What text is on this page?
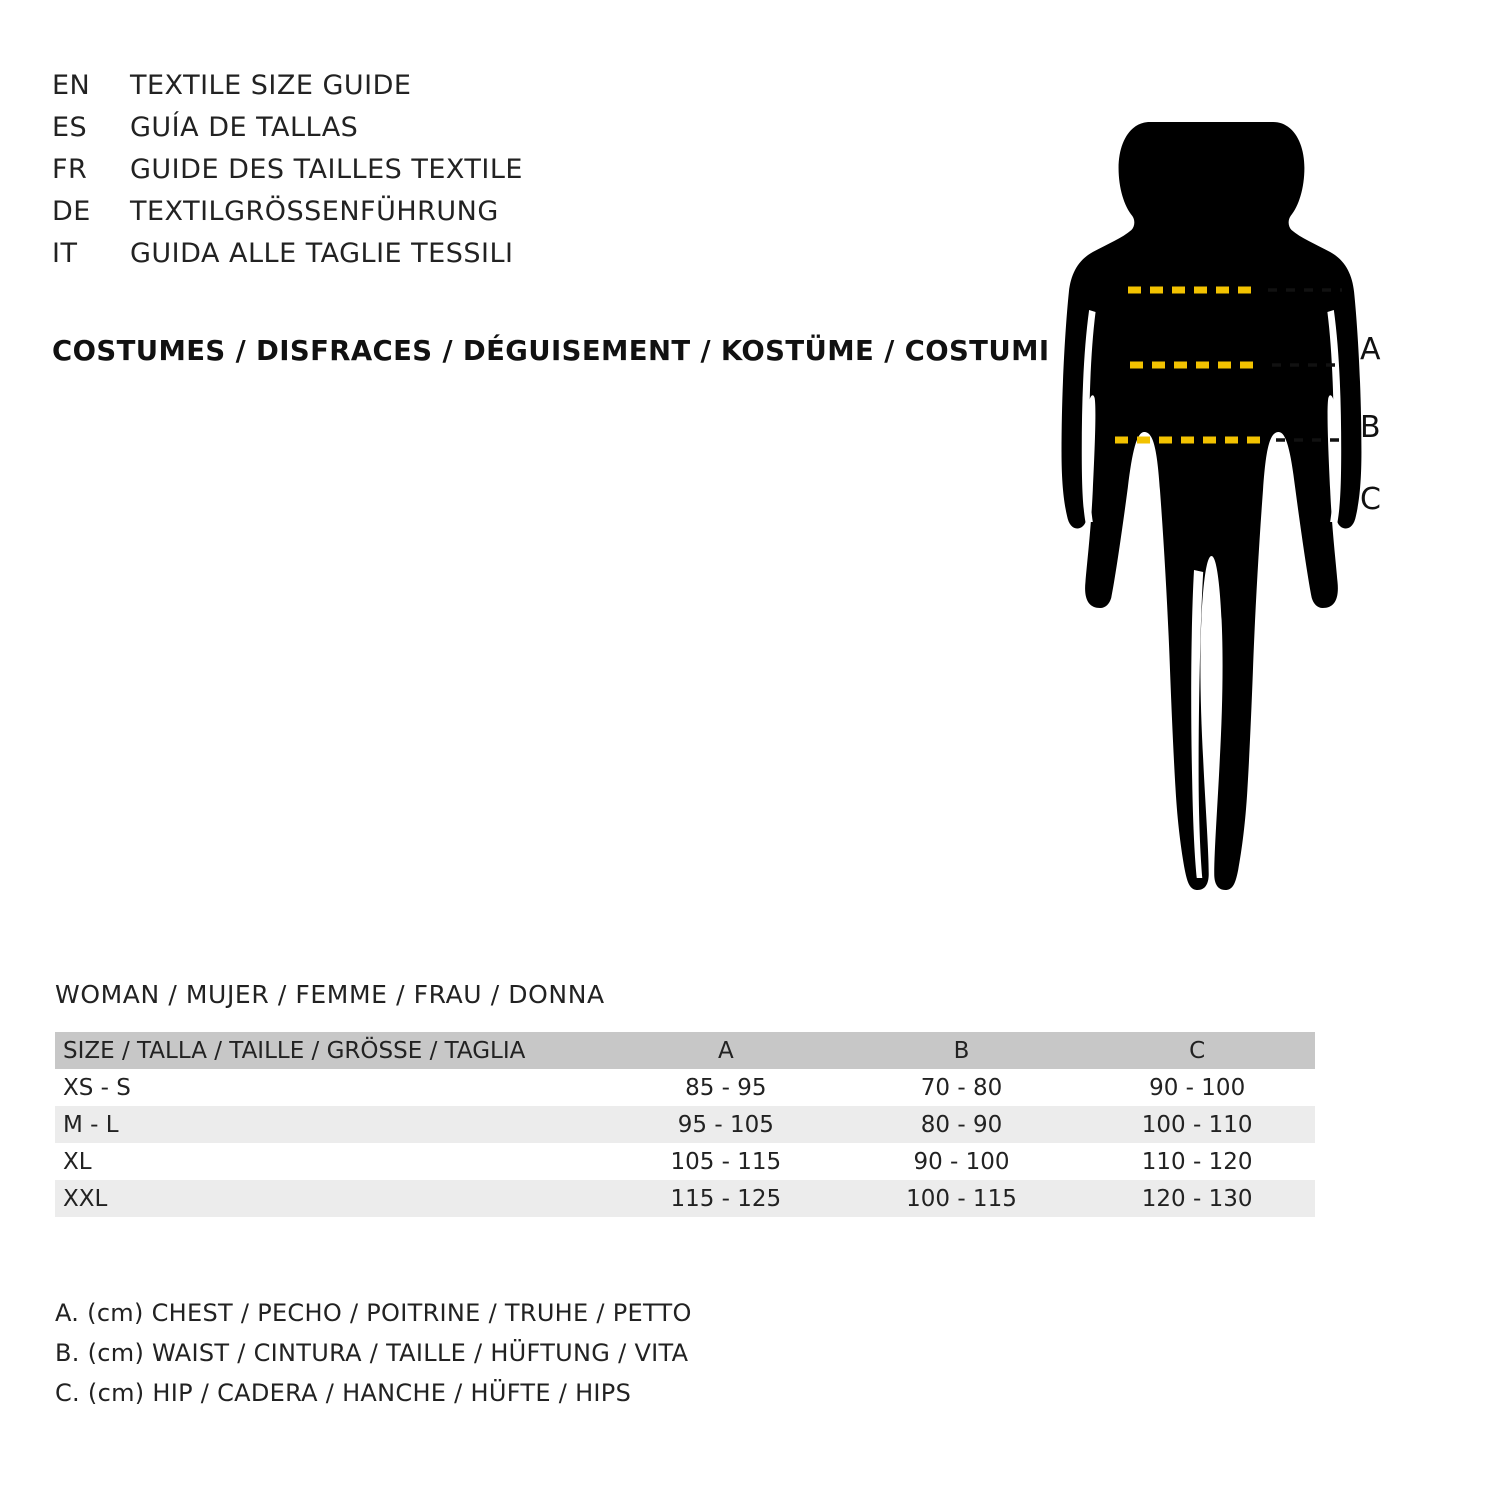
EN	TEXTILE SIZE GUIDE
ES	GUÍA DE TALLAS
FR	GUIDE DES TAILLES TEXTILE
DE	TEXTILGRÖSSENFÜHRUNG
IT	GUIDA ALLE TAGLIE TESSILI
COSTUMES / DISFRACES / DÉGUISEMENT / KOSTÜME / COSTUMI	A
B
C
WOMAN / MUJER / FEMME / FRAU / DONNA
SIZE / TALLA / TAILLE / GRÖSSE / TAGLIA	A	B	C
XS - S	85 - 95	70 - 80	90 - 100
M - L	95 - 105	80 - 90	100 - 110
XL	105 - 115	90 - 100	110 - 120
XXL	115 - 125	100 - 115	120 - 130
A. (cm) CHEST / PECHO / POITRINE / TRUHE / PETTO
B. (cm) WAIST / CINTURA / TAILLE / HÜFTUNG / VITA
C. (cm) HIP / CADERA / HANCHE / HÜFTE / HIPS
